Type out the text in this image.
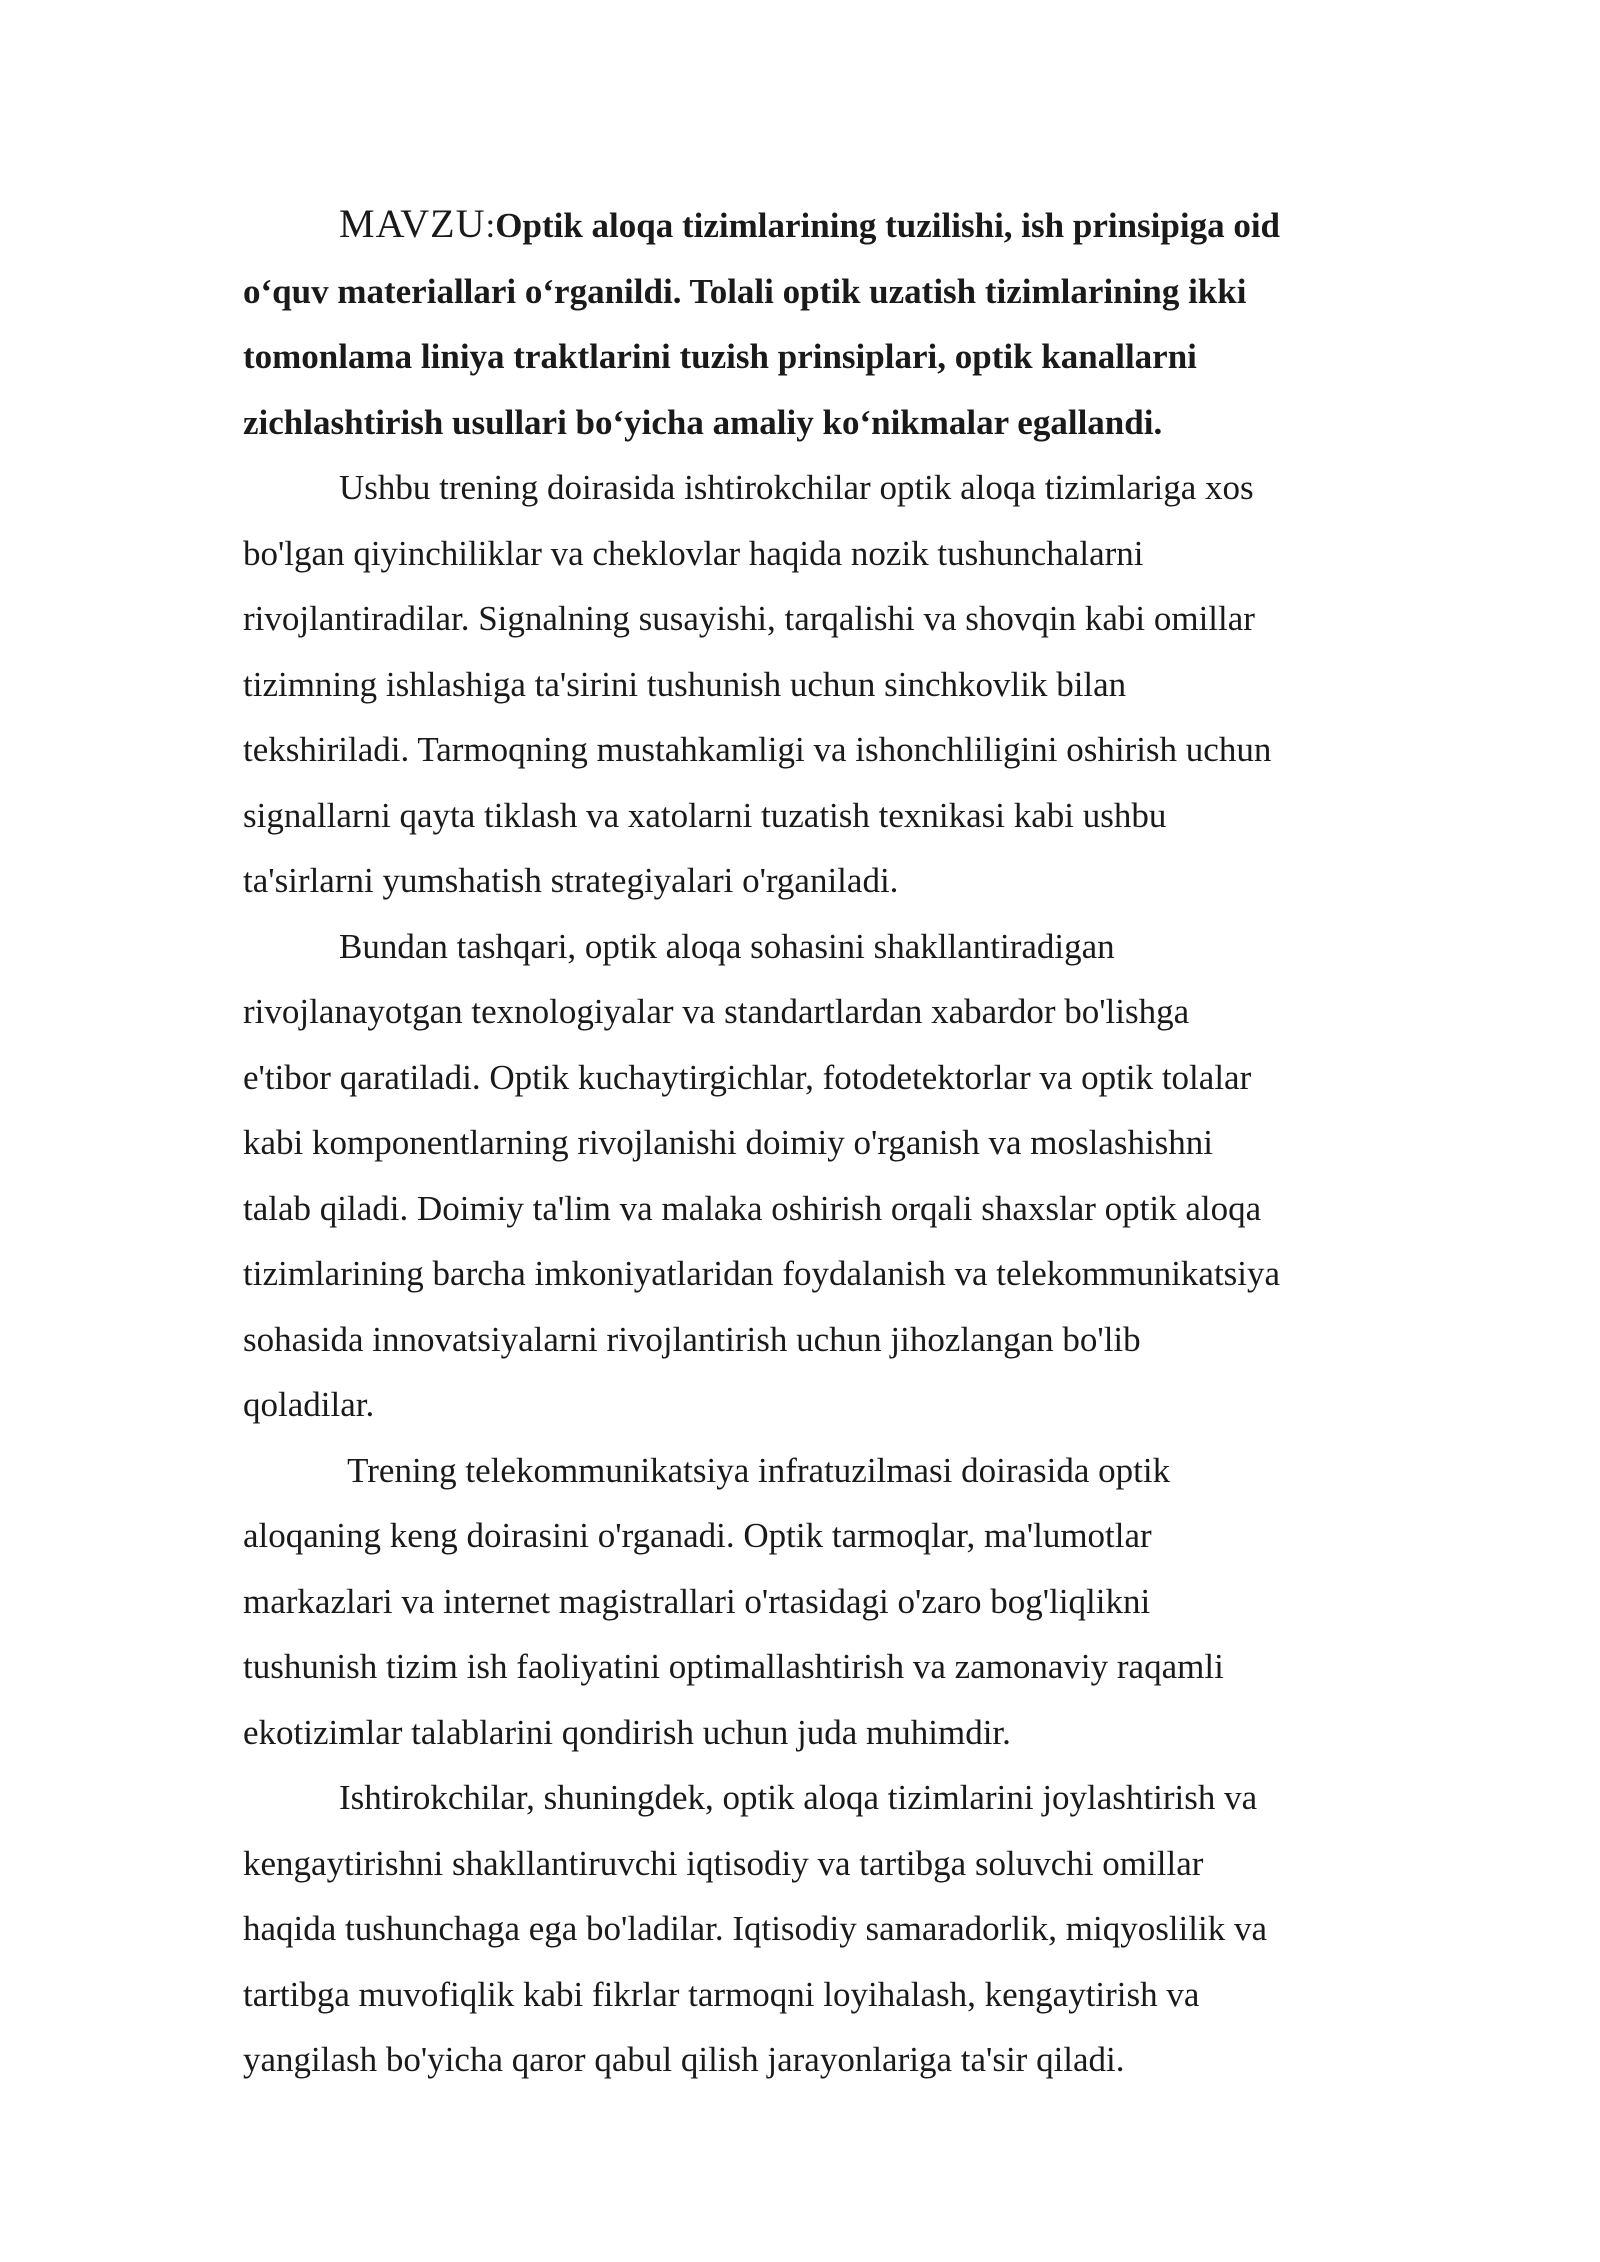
MAVZU:Optik aloqa tizimlarining tuzilishi, ish prinsipiga oid
o‘quv materiallari o‘rganildi. Tolali optik uzatish tizimlarining ikki
tomonlama liniya traktlarini tuzish prinsiplari, optik kanallarni
zichlashtirish usullari bo‘yicha amaliy ko‘nikmalar egallandi.
Ushbu trening doirasida ishtirokchilar optik aloqa tizimlariga xos
bo'lgan qiyinchiliklar va cheklovlar haqida nozik tushunchalarni
rivojlantiradilar. Signalning susayishi, tarqalishi va shovqin kabi omillar
tizimning ishlashiga ta'sirini tushunish uchun sinchkovlik bilan
tekshiriladi. Tarmoqning mustahkamligi va ishonchliligini oshirish uchun
signallarni qayta tiklash va xatolarni tuzatish texnikasi kabi ushbu
ta'sirlarni yumshatish strategiyalari o'rganiladi.
Bundan tashqari, optik aloqa sohasini shakllantiradigan
rivojlanayotgan texnologiyalar va standartlardan xabardor bo'lishga
e'tibor qaratiladi. Optik kuchaytirgichlar, fotodetektorlar va optik tolalar
kabi komponentlarning rivojlanishi doimiy o'rganish va moslashishni
talab qiladi. Doimiy ta'lim va malaka oshirish orqali shaxslar optik aloqa
tizimlarining barcha imkoniyatlaridan foydalanish va telekommunikatsiya
sohasida innovatsiyalarni rivojlantirish uchun jihozlangan bo'lib
qoladilar.
Trening telekommunikatsiya infratuzilmasi doirasida optik
aloqaning keng doirasini o'rganadi. Optik tarmoqlar, ma'lumotlar
markazlari va internet magistrallari o'rtasidagi o'zaro bog'liqlikni
tushunish tizim ish faoliyatini optimallashtirish va zamonaviy raqamli
ekotizimlar talablarini qondirish uchun juda muhimdir.
Ishtirokchilar, shuningdek, optik aloqa tizimlarini joylashtirish va
kengaytirishni shakllantiruvchi iqtisodiy va tartibga soluvchi omillar
haqida tushunchaga ega bo'ladilar. Iqtisodiy samaradorlik, miqyoslilik va
tartibga muvofiqlik kabi fikrlar tarmoqni loyihalash, kengaytirish va
yangilash bo'yicha qaror qabul qilish jarayonlariga ta'sir qiladi.
